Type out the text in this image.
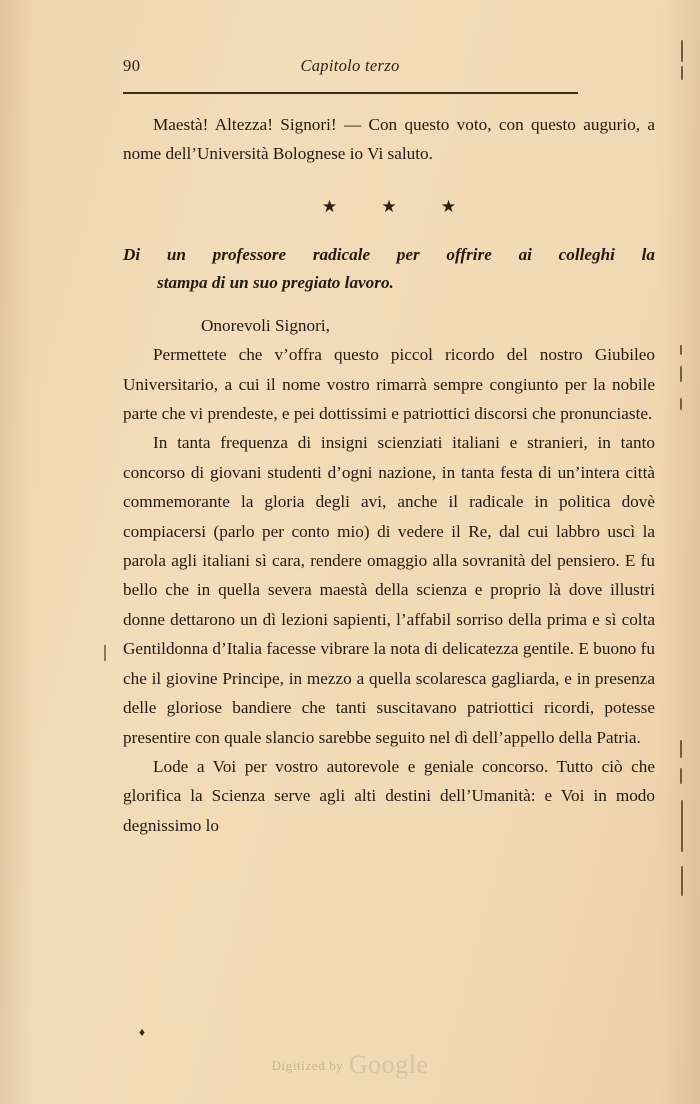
90	Capitolo terzo

Maestà! Altezza! Signori! — Con questo voto, con questo augurio, a nome dell’Università Bolognese io Vi saluto.

★ ★ ★
Di un professore radicale per offrire ai colleghi la
stampa di un suo pregiato lavoro.

Onorevoli Signori,

Permettete che v’offra questo piccol ricordo del nostro Giubileo Universitario, a cui il nome vostro rimarrà sempre congiunto per la nobile parte che vi prendeste, e pei dottissimi e patriottici discorsi che pronunciaste.

In tanta frequenza di insigni scienziati italiani e stranieri, in tanto concorso di giovani studenti d’ogni nazione, in tanta festa di un’intera città commemorante la gloria degli avi, anche il radicale in politica dovè compiacersi (parlo per conto mio) di vedere il Re, dal cui labbro uscì la parola agli italiani sì cara, rendere omaggio alla sovranità del pensiero. E fu bello che in quella severa maestà della scienza e proprio là dove illustri donne dettarono un dì lezioni sapienti, l’affabil sorriso della prima e sì colta Gentildonna d’Italia facesse vibrare la nota di delicatezza gentile. E buono fu che il giovine Principe, in mezzo a quella scolaresca gagliarda, e in presenza delle gloriose bandiere che tanti suscitavano patriottici ricordi, potesse presentire con quale slancio sarebbe seguito nel dì dell’appello della Patria.

Lode a Voi per vostro autorevole e geniale concorso. Tutto ciò che glorifica la Scienza serve agli alti destini dell’Umanità: e Voi in modo degnissimo lo

♦
Digitized by Google
